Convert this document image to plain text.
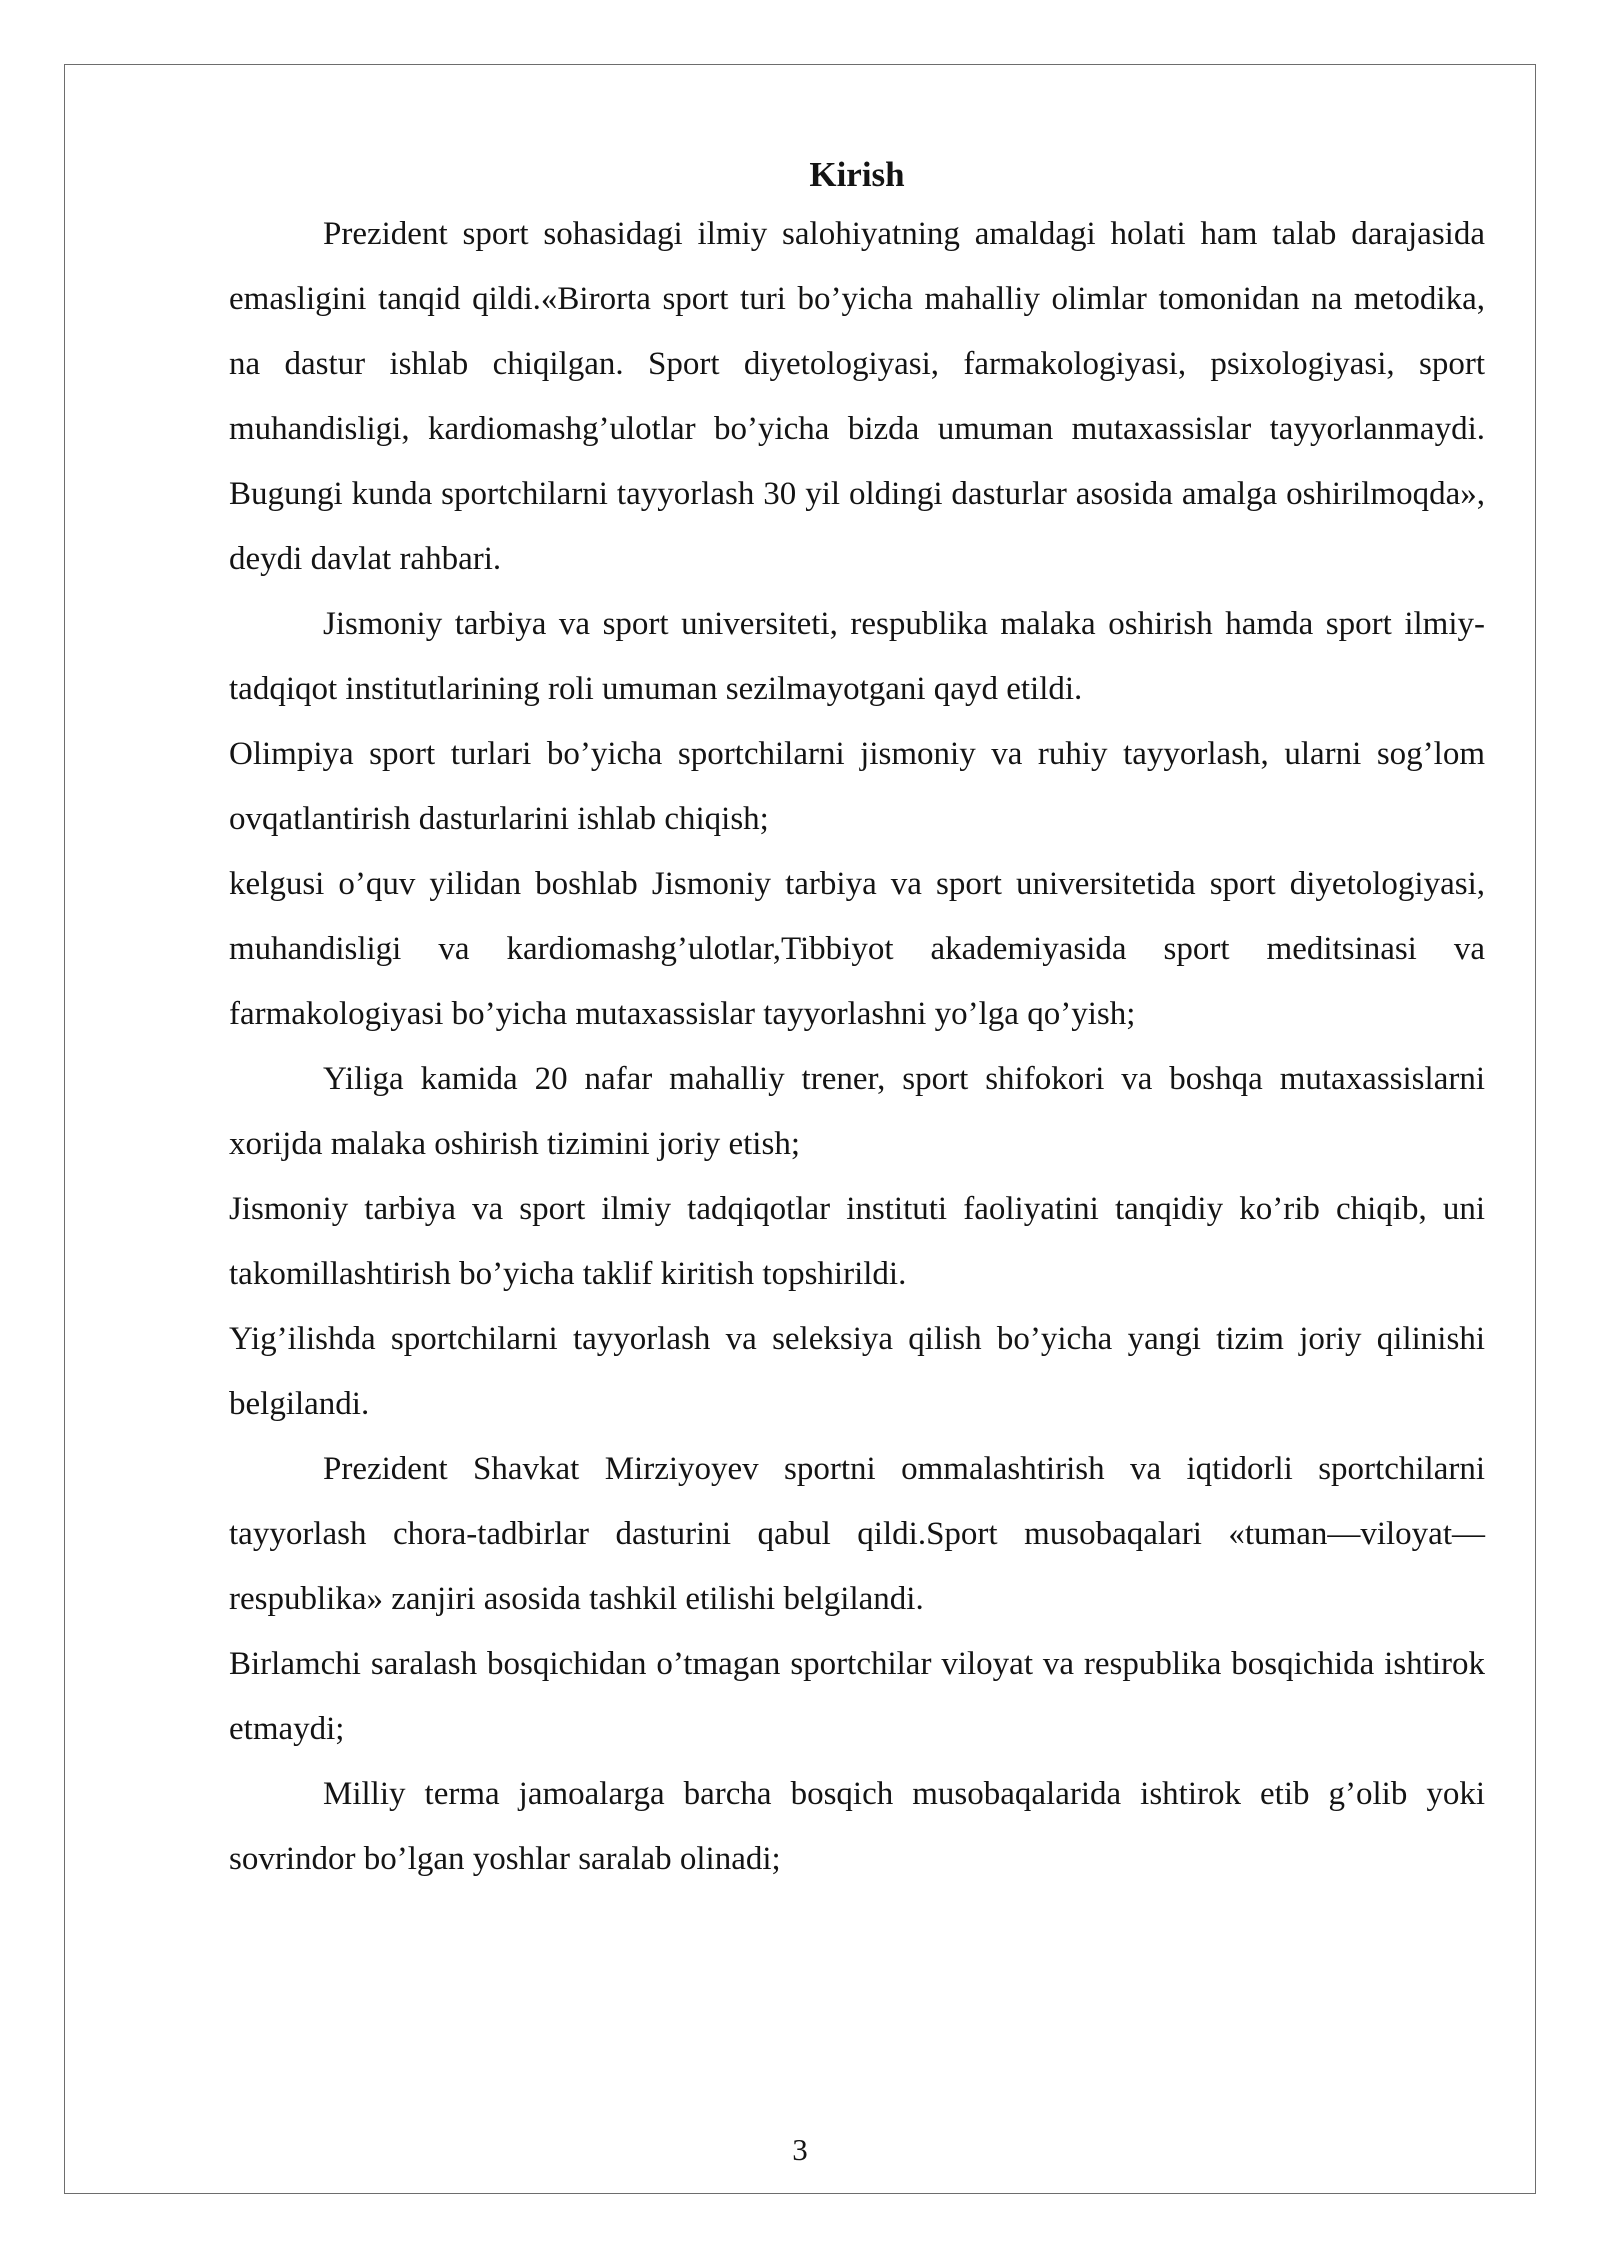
Kirish

Prezident sport sohasidagi ilmiy salohiyatning amaldagi holati ham talab darajasida emasligini tanqid qildi.«Birorta sport turi bo’yicha mahalliy olimlar tomonidan na metodika, na dastur ishlab chiqilgan. Sport diyetologiyasi, farmakologiyasi, psixologiyasi, sport muhandisligi, kardiomashg’ulotlar bo’yicha bizda umuman mutaxassislar tayyorlanmaydi. Bugungi kunda sportchilarni tayyorlash 30 yil oldingi dasturlar asosida amalga oshirilmoqda», deydi davlat rahbari.

Jismoniy tarbiya va sport universiteti, respublika malaka oshirish hamda sport ilmiy-tadqiqot institutlarining roli umuman sezilmayotgani qayd etildi.

Olimpiya sport turlari bo’yicha sportchilarni jismoniy va ruhiy tayyorlash, ularni sog’lom ovqatlantirish dasturlarini ishlab chiqish;

kelgusi o’quv yilidan boshlab Jismoniy tarbiya va sport universitetida sport diyetologiyasi, muhandisligi va kardiomashg’ulotlar,Tibbiyot akademiyasida sport meditsinasi va farmakologiyasi bo’yicha mutaxassislar tayyorlashni yo’lga qo’yish;

Yiliga kamida 20 nafar mahalliy trener, sport shifokori va boshqa mutaxassislarni xorijda malaka oshirish tizimini joriy etish;

Jismoniy tarbiya va sport ilmiy tadqiqotlar instituti faoliyatini tanqidiy ko’rib chiqib, uni takomillashtirish bo’yicha taklif kiritish topshirildi.

Yig’ilishda sportchilarni tayyorlash va seleksiya qilish bo’yicha yangi tizim joriy qilinishi belgilandi.

Prezident Shavkat Mirziyoyev sportni ommalashtirish va iqtidorli sportchilarni tayyorlash chora-tadbirlar dasturini qabul qildi.Sport musobaqalari «tuman—viloyat—respublika» zanjiri asosida tashkil etilishi belgilandi.

Birlamchi saralash bosqichidan o’tmagan sportchilar viloyat va respublika bosqichida ishtirok etmaydi;

Milliy terma jamoalarga barcha bosqich musobaqalarida ishtirok etib g’olib yoki sovrindor bo’lgan yoshlar saralab olinadi;

3
